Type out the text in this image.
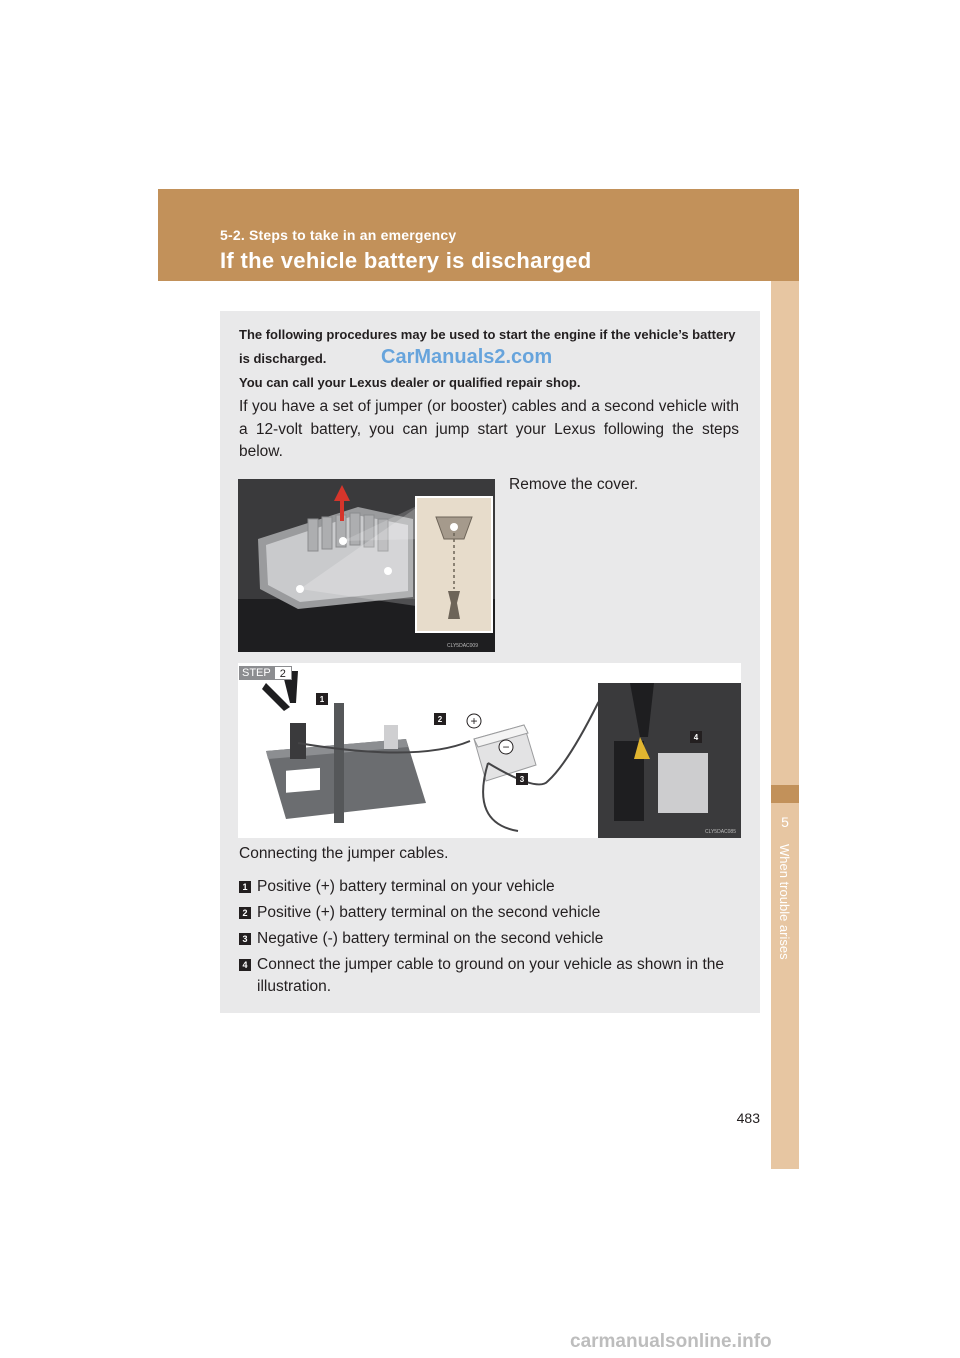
5-2. Steps to take in an emergency
If the vehicle battery is discharged
5
When trouble arises

The following procedures may be used to start the engine if the vehicle’s battery is discharged.

You can call your Lexus dealer or qualified repair shop.

CarManuals2.com
If you have a set of jumper (or booster) cables and a second vehicle with a 12-volt battery, you can jump start your Lexus following the steps below.
CLY5DAC009
Remove the cover.
+
−
1
2
3
4
CLY5DAC085
STEP 2
Connecting the jumper cables.
1 Positive (+) battery terminal on your vehicle
2 Positive (+) battery terminal on the second vehicle
3 Negative (-) battery terminal on the second vehicle
4 Connect the jumper cable to ground on your vehicle as shown in the illustration.
483
carmanualsonline.info
